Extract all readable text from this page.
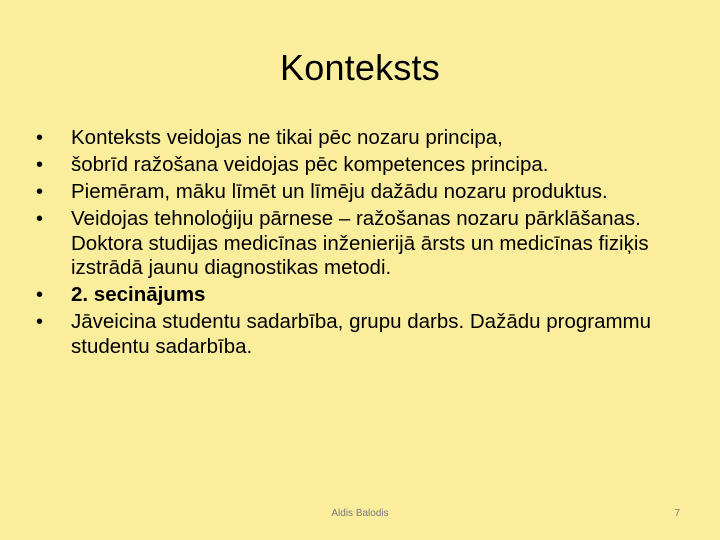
Konteksts
•	Konteksts veidojas ne tikai pēc nozaru principa,
•	šobrīd ražošana veidojas pēc kompetences principa.
•	Piemēram, māku līmēt un līmēju dažādu nozaru produktus.
•	Veidojas tehnoloģiju pārnese – ražošanas nozaru pārklāšanas. Doktora studijas medicīnas inženierijā ārsts un medicīnas fiziķis izstrādā jaunu diagnostikas metodi.
•	2. secinājums
•	Jāveicina studentu sadarbība, grupu darbs. Dažādu programmu studentu sadarbība.
Aldis Balodis	7
